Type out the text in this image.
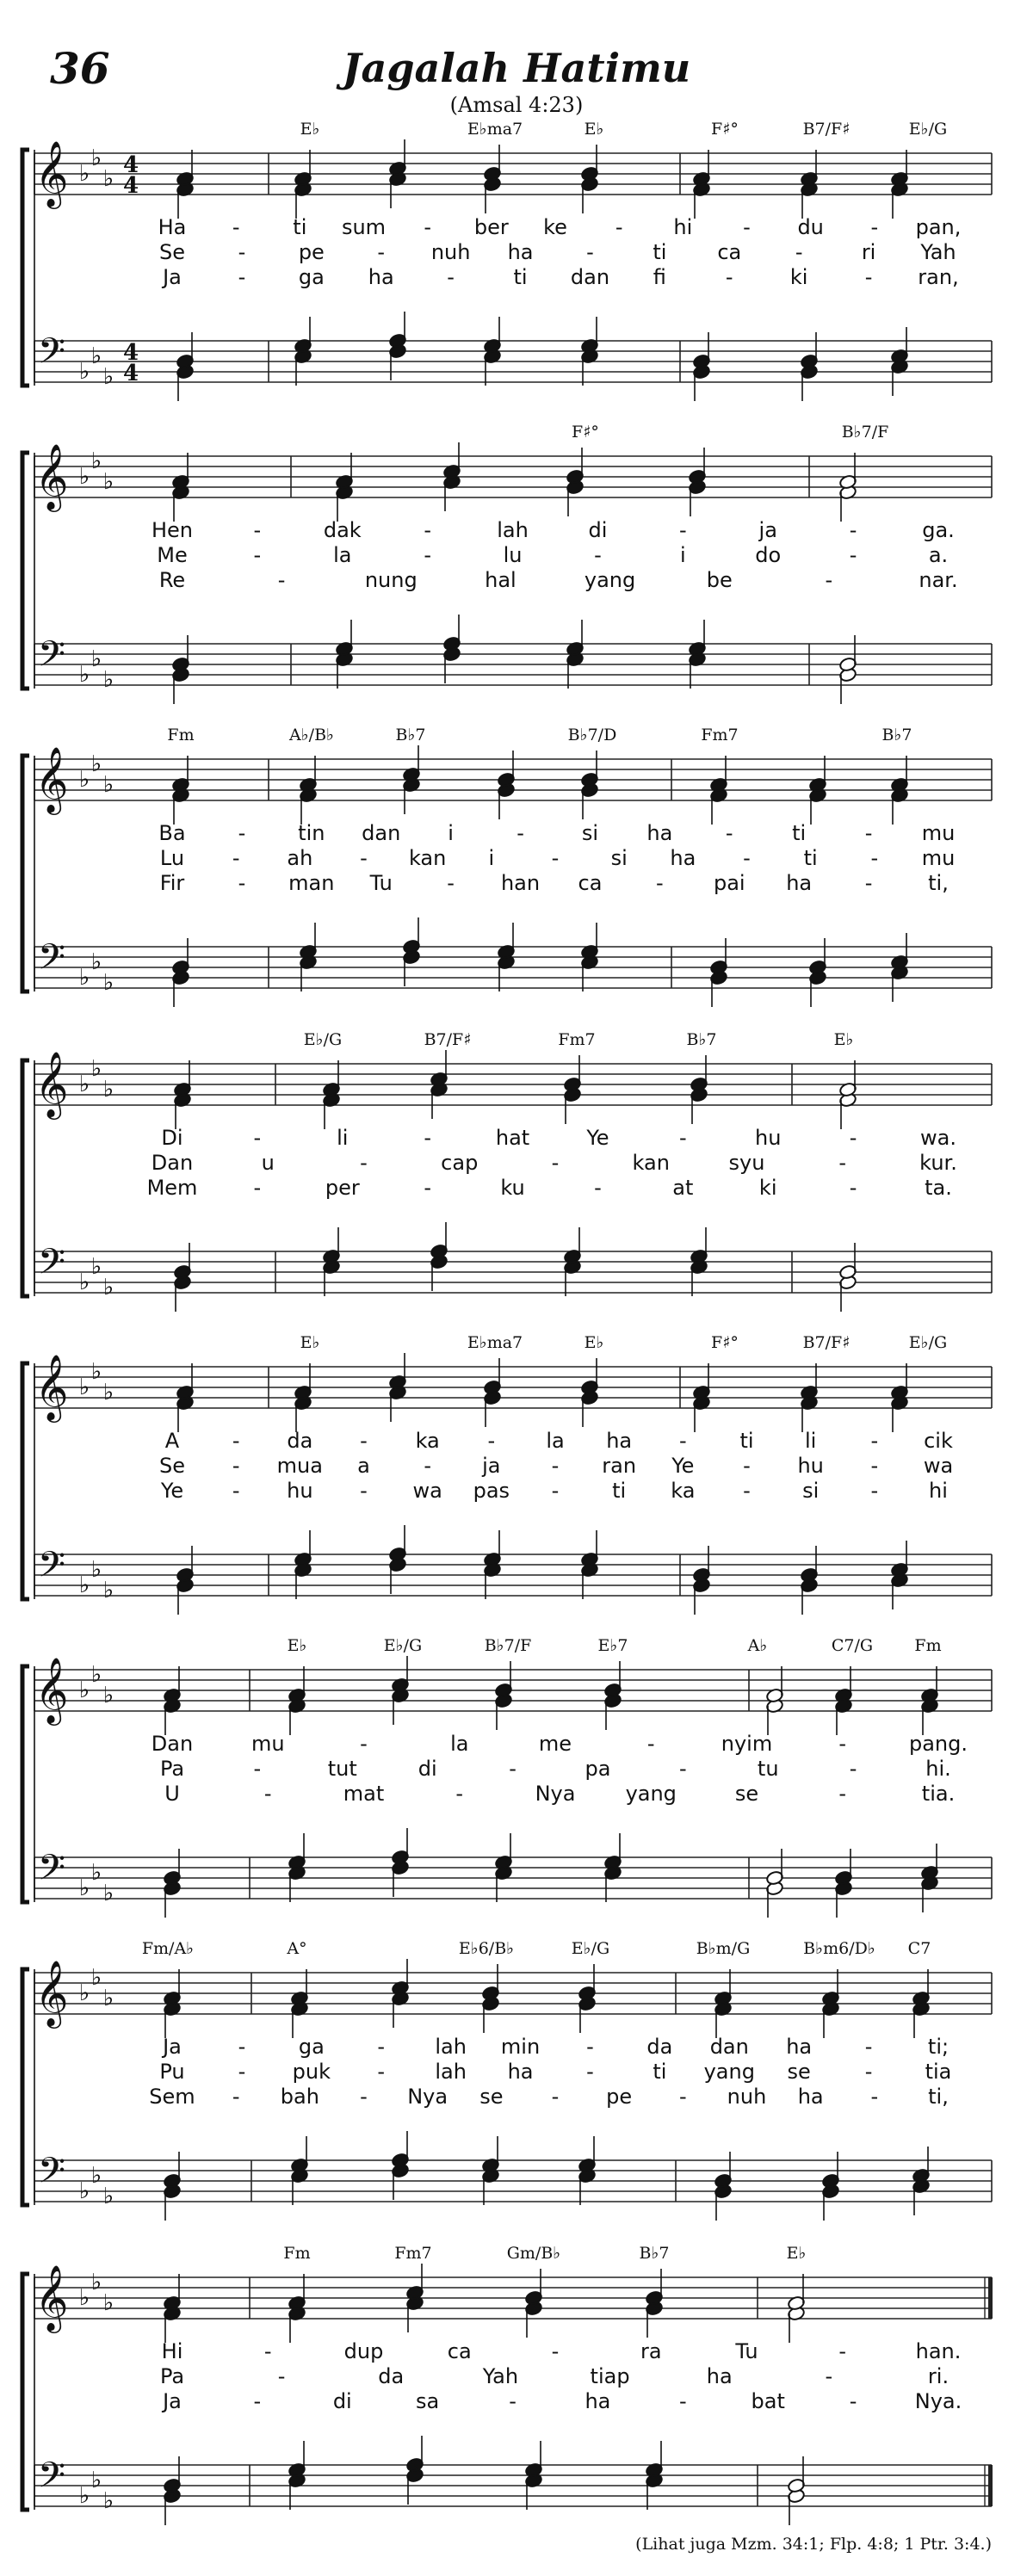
36	Jagalah Hatimu
(Amsal 4:23)
E♭	E♭ma7	E♭	F♯°	B7/F♯	E♭/G
𝄞 ♭
♭
♭
4
4
𝄢 ♭
♭
♭
4
4
Ha -	ti sum - ber ke - hi - du - pan,
Se	-	pe	- nuh ha	-	ti ca	-	ri Yah
Ja	-	ga ha	-	ti dan fi	-	ki	- ran,
F♯°	B♭7/F
𝄞 ♭
♭
♭
𝄢 ♭
♭
♭
Hen	-	dak	-	lah	di	-	ja	-	ga.
Me	-	la	-	lu	-	i	do	-	a.
Re	-	nung	hal	yang	be	-	nar.
Fm	A♭/B♭	B♭7	B♭7/D	Fm7	B♭7
𝄞 ♭
♭
♭
𝄢 ♭
♭
♭
Ba	-	tin dan i	-	si ha	-	ti	- mu
Lu - ah - kan i	-	si ha -	ti	- mu
Fir	- man Tu	- han ca	- pai ha	-	ti,
E♭/G	B7/F♯	Fm7	B♭7	E♭
𝄞 ♭
♭
♭
𝄢 ♭
♭
♭
Di	-	li	-	hat	Ye	-	hu	-	wa.
Dan	u	-	cap	-	kan	syu	-	kur.
Mem	-	per	-	ku	-	at	ki	-	ta.
E♭	E♭ma7	E♭	F♯°	B7/F♯	E♭/G
𝄞 ♭
♭
♭
𝄢 ♭
♭
♭
A	- da - ka - la ha -	ti li	- cik
Se - mua a	- ja - ran Ye - hu - wa
Ye - hu - wa pas -	ti ka -	si	- hi
E♭	E♭/G	B♭7/F	E♭7	A♭	C7/G	Fm
𝄞 ♭
♭
♭
𝄢 ♭
♭
♭
Dan	mu	-	la	me	-	nyim	-	pang.
Pa	-	tut	di	-	pa	-	tu	-	hi.
U	-	mat	-	Nya yang	se	-	tia.
Fm/A♭	A°	E♭6/B♭	E♭/G	B♭m/G	B♭m6/D♭ C7
𝄞 ♭
♭
♭
𝄢 ♭
♭
♭
Ja	-	ga	- lah min -	da dan ha	-	ti;
Pu	- puk - lah ha	-	ti yang se	-	tia
Sem - bah - Nya se - pe - nuh ha - ti,
Fm	Fm7	Gm/B♭	B♭7	E♭
𝄞 ♭
♭
♭
𝄢 ♭
♭
♭
Hi	-	dup	ca	-	ra	Tu	-	han.
Pa	-	da	Yah	tiap	ha	-	ri.
Ja	-	di	sa	-	ha	-	bat	-	Nya.
(Lihat juga Mzm. 34:1; Flp. 4:8; 1 Ptr. 3:4.)
